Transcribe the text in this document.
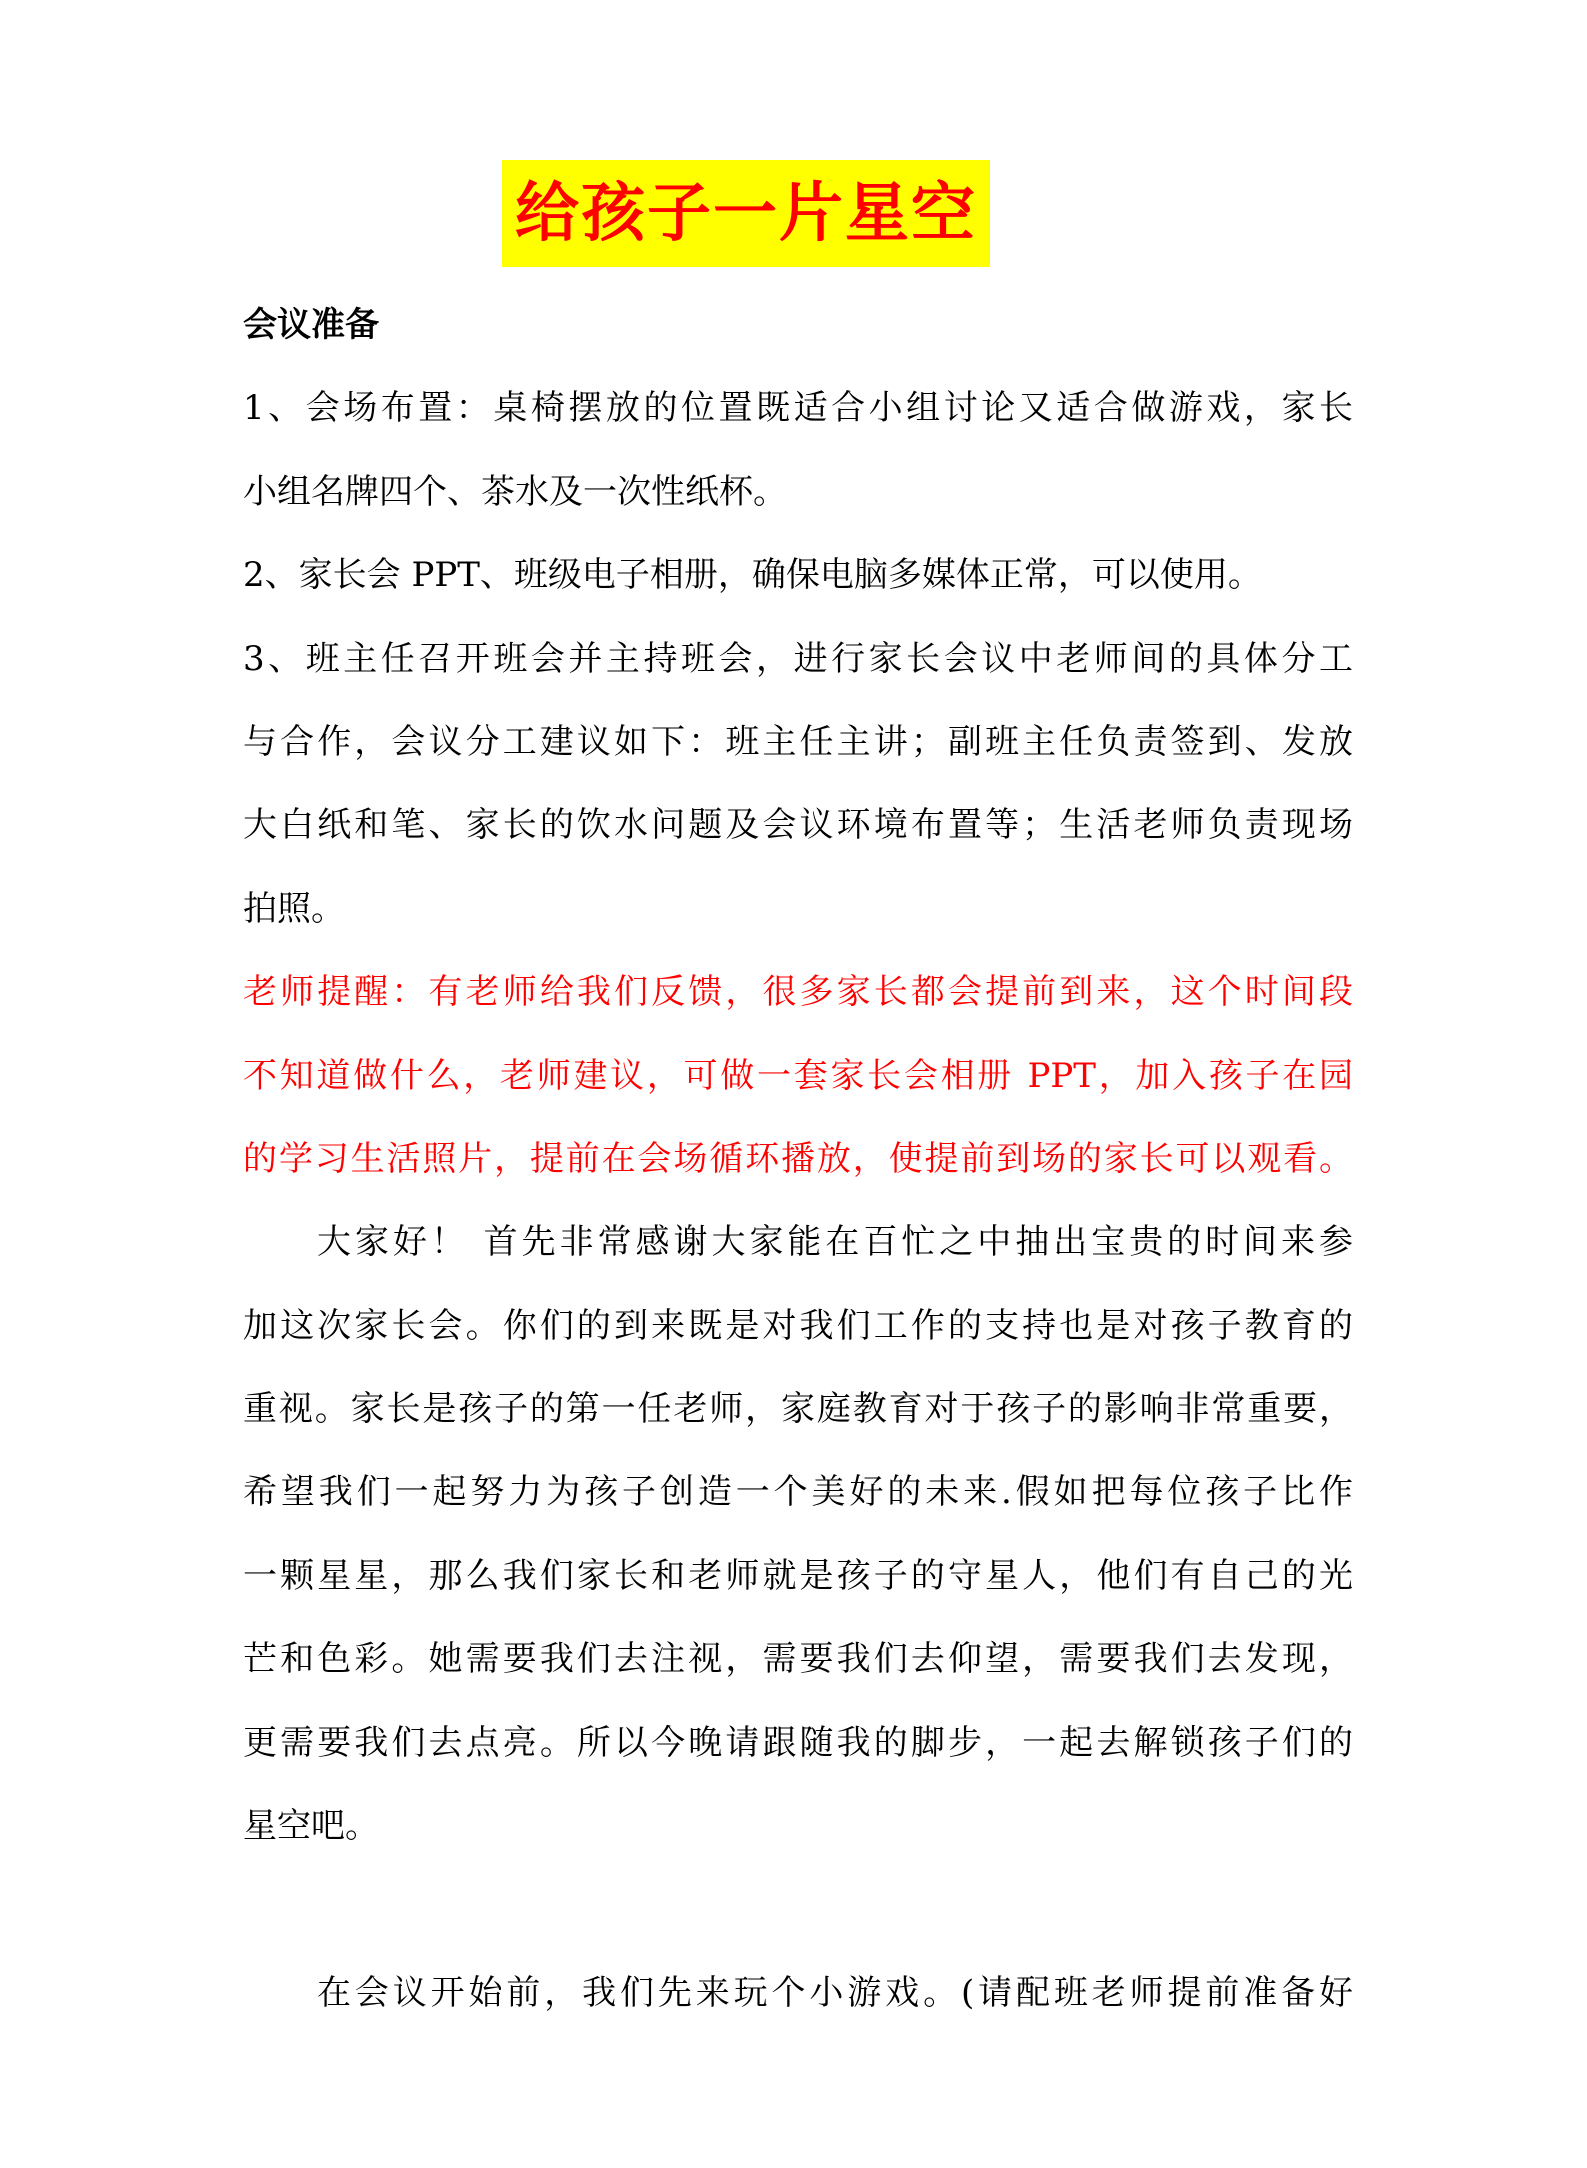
给孩子一片星空
会议准备
1、会场布置：桌椅摆放的位置既适合小组讨论又适合做游戏，家长
小组名牌四个、茶水及一次性纸杯。
2、家长会 PPT、班级电子相册，确保电脑多媒体正常，可以使用。
3、班主任召开班会并主持班会，进行家长会议中老师间的具体分工
与合作，会议分工建议如下：班主任主讲；副班主任负责签到、发放
大白纸和笔、家长的饮水问题及会议环境布置等；生活老师负责现场
拍照。
老师提醒：有老师给我们反馈，很多家长都会提前到来，这个时间段
不知道做什么，老师建议，可做一套家长会相册 PPT，加入孩子在园
的学习生活照片，提前在会场循环播放，使提前到场的家长可以观看。
大家好！ 首先非常感谢大家能在百忙之中抽出宝贵的时间来参
加这次家长会。你们的到来既是对我们工作的支持也是对孩子教育的
重视。家长是孩子的第一任老师，家庭教育对于孩子的影响非常重要，
希望我们一起努力为孩子创造一个美好的未来.假如把每位孩子比作
一颗星星，那么我们家长和老师就是孩子的守星人，他们有自己的光
芒和色彩。她需要我们去注视，需要我们去仰望，需要我们去发现，
更需要我们去点亮。所以今晚请跟随我的脚步，一起去解锁孩子们的
星空吧。
在会议开始前，我们先来玩个小游戏。(请配班老师提前准备好
